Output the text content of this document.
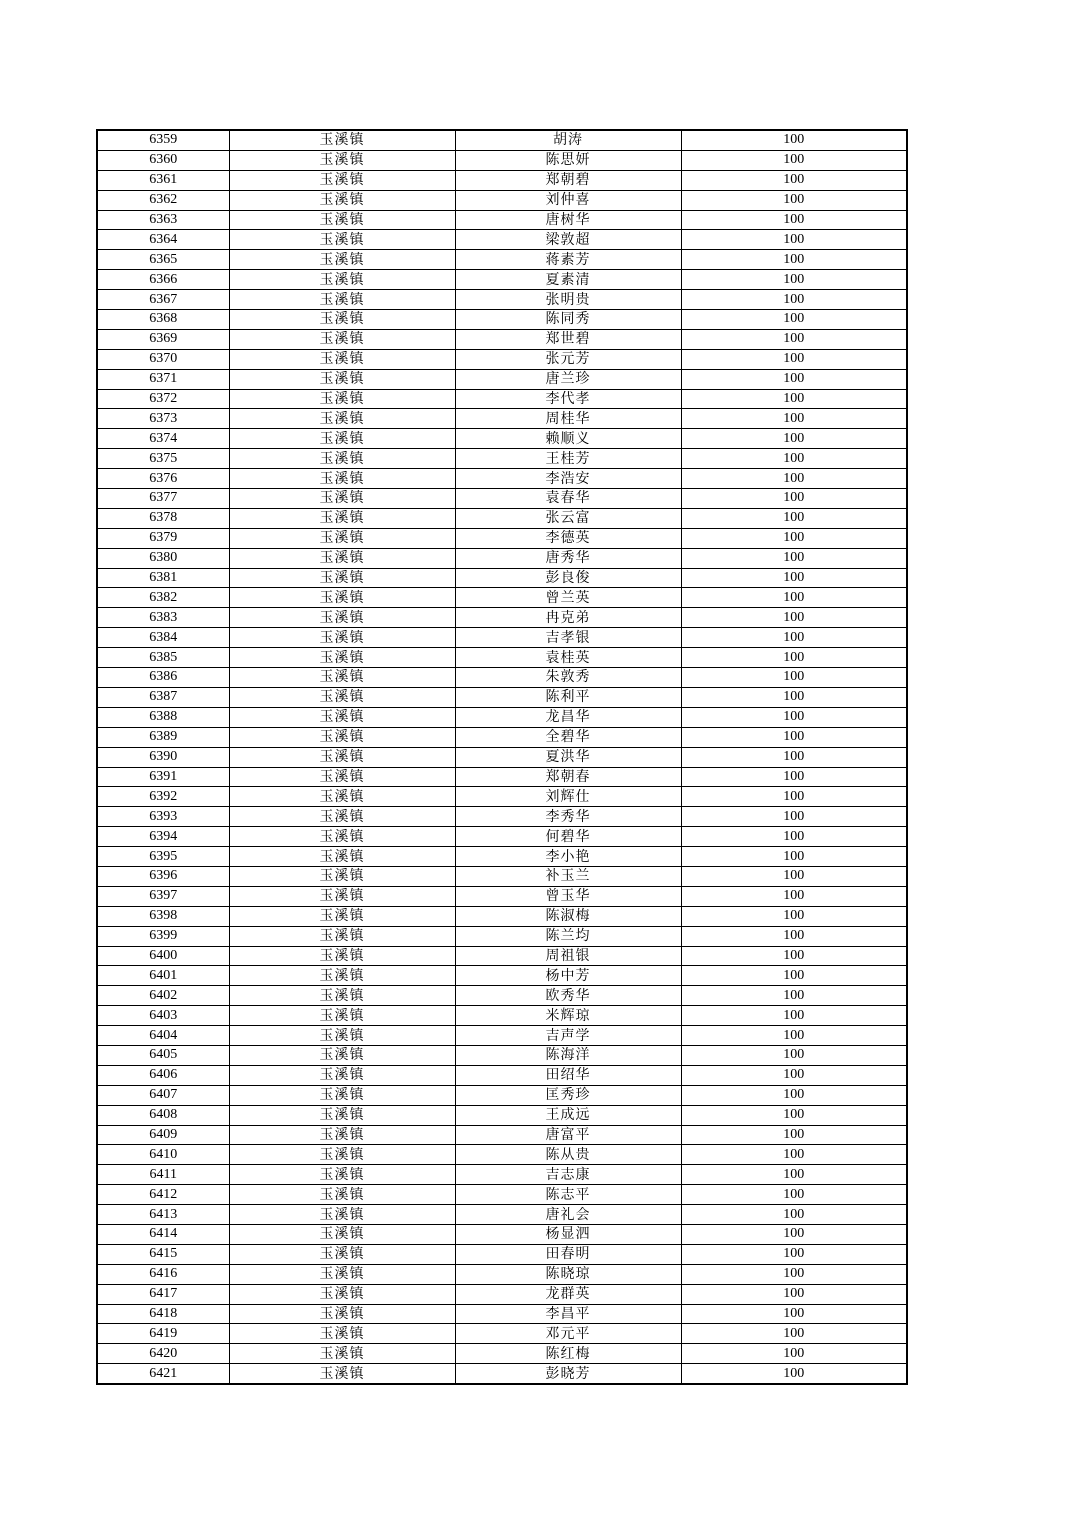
6359	玉溪镇	胡涛	100
6360	玉溪镇	陈思妍	100
6361	玉溪镇	郑朝碧	100
6362	玉溪镇	刘仲喜	100
6363	玉溪镇	唐树华	100
6364	玉溪镇	梁敦超	100
6365	玉溪镇	蒋素芳	100
6366	玉溪镇	夏素清	100
6367	玉溪镇	张明贵	100
6368	玉溪镇	陈同秀	100
6369	玉溪镇	郑世碧	100
6370	玉溪镇	张元芳	100
6371	玉溪镇	唐兰珍	100
6372	玉溪镇	李代孝	100
6373	玉溪镇	周桂华	100
6374	玉溪镇	赖顺义	100
6375	玉溪镇	王桂芳	100
6376	玉溪镇	李浩安	100
6377	玉溪镇	袁春华	100
6378	玉溪镇	张云富	100
6379	玉溪镇	李德英	100
6380	玉溪镇	唐秀华	100
6381	玉溪镇	彭良俊	100
6382	玉溪镇	曾兰英	100
6383	玉溪镇	冉克弟	100
6384	玉溪镇	吉孝银	100
6385	玉溪镇	袁桂英	100
6386	玉溪镇	朱敦秀	100
6387	玉溪镇	陈利平	100
6388	玉溪镇	龙昌华	100
6389	玉溪镇	全碧华	100
6390	玉溪镇	夏洪华	100
6391	玉溪镇	郑朝春	100
6392	玉溪镇	刘辉仕	100
6393	玉溪镇	李秀华	100
6394	玉溪镇	何碧华	100
6395	玉溪镇	李小艳	100
6396	玉溪镇	补玉兰	100
6397	玉溪镇	曾玉华	100
6398	玉溪镇	陈淑梅	100
6399	玉溪镇	陈兰均	100
6400	玉溪镇	周祖银	100
6401	玉溪镇	杨中芳	100
6402	玉溪镇	欧秀华	100
6403	玉溪镇	米辉琼	100
6404	玉溪镇	吉声学	100
6405	玉溪镇	陈海洋	100
6406	玉溪镇	田绍华	100
6407	玉溪镇	匡秀珍	100
6408	玉溪镇	王成远	100
6409	玉溪镇	唐富平	100
6410	玉溪镇	陈从贵	100
6411	玉溪镇	吉志康	100
6412	玉溪镇	陈志平	100
6413	玉溪镇	唐礼会	100
6414	玉溪镇	杨显泗	100
6415	玉溪镇	田春明	100
6416	玉溪镇	陈晓琼	100
6417	玉溪镇	龙群英	100
6418	玉溪镇	李昌平	100
6419	玉溪镇	邓元平	100
6420	玉溪镇	陈红梅	100
6421	玉溪镇	彭晓芳	100
